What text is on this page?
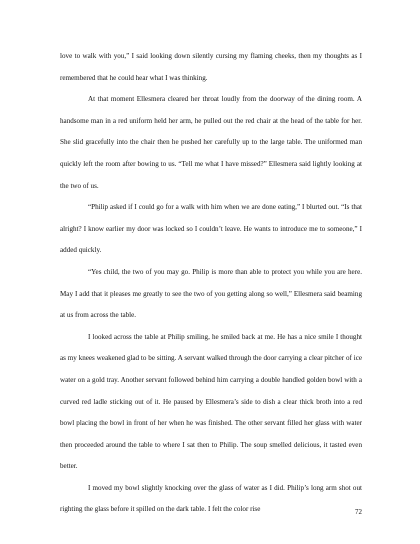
love to walk with you,” I said looking down silently cursing my flaming cheeks, then my thoughts as I remembered that he could hear what I was thinking.

At that moment Ellesmera cleared her throat loudly from the doorway of the dining room. A handsome man in a red uniform held her arm, he pulled out the red chair at the head of the table for her. She slid gracefully into the chair then he pushed her carefully up to the large table. The uniformed man quickly left the room after bowing to us. “Tell me what I have missed?” Ellesmera said lightly looking at the two of us.

“Philip asked if I could go for a walk with him when we are done eating,” I blurted out. “Is that alright? I know earlier my door was locked so I couldn’t leave. He wants to introduce me to someone,” I added quickly.

“Yes child, the two of you may go. Philip is more than able to protect you while you are here. May I add that it pleases me greatly to see the two of you getting along so well,” Ellesmera said beaming at us from across the table.

I looked across the table at Philip smiling, he smiled back at me. He has a nice smile I thought as my knees weakened glad to be sitting. A servant walked through the door carrying a clear pitcher of ice water on a gold tray. Another servant followed behind him carrying a double handled golden bowl with a curved red ladle sticking out of it. He paused by Ellesmera’s side to dish a clear thick broth into a red bowl placing the bowl in front of her when he was finished. The other servant filled her glass with water then proceeded around the table to where I sat then to Philip. The soup smelled delicious, it tasted even better.

I moved my bowl slightly knocking over the glass of water as I did. Philip’s long arm shot out righting the glass before it spilled on the dark table. I felt the color rise	72
